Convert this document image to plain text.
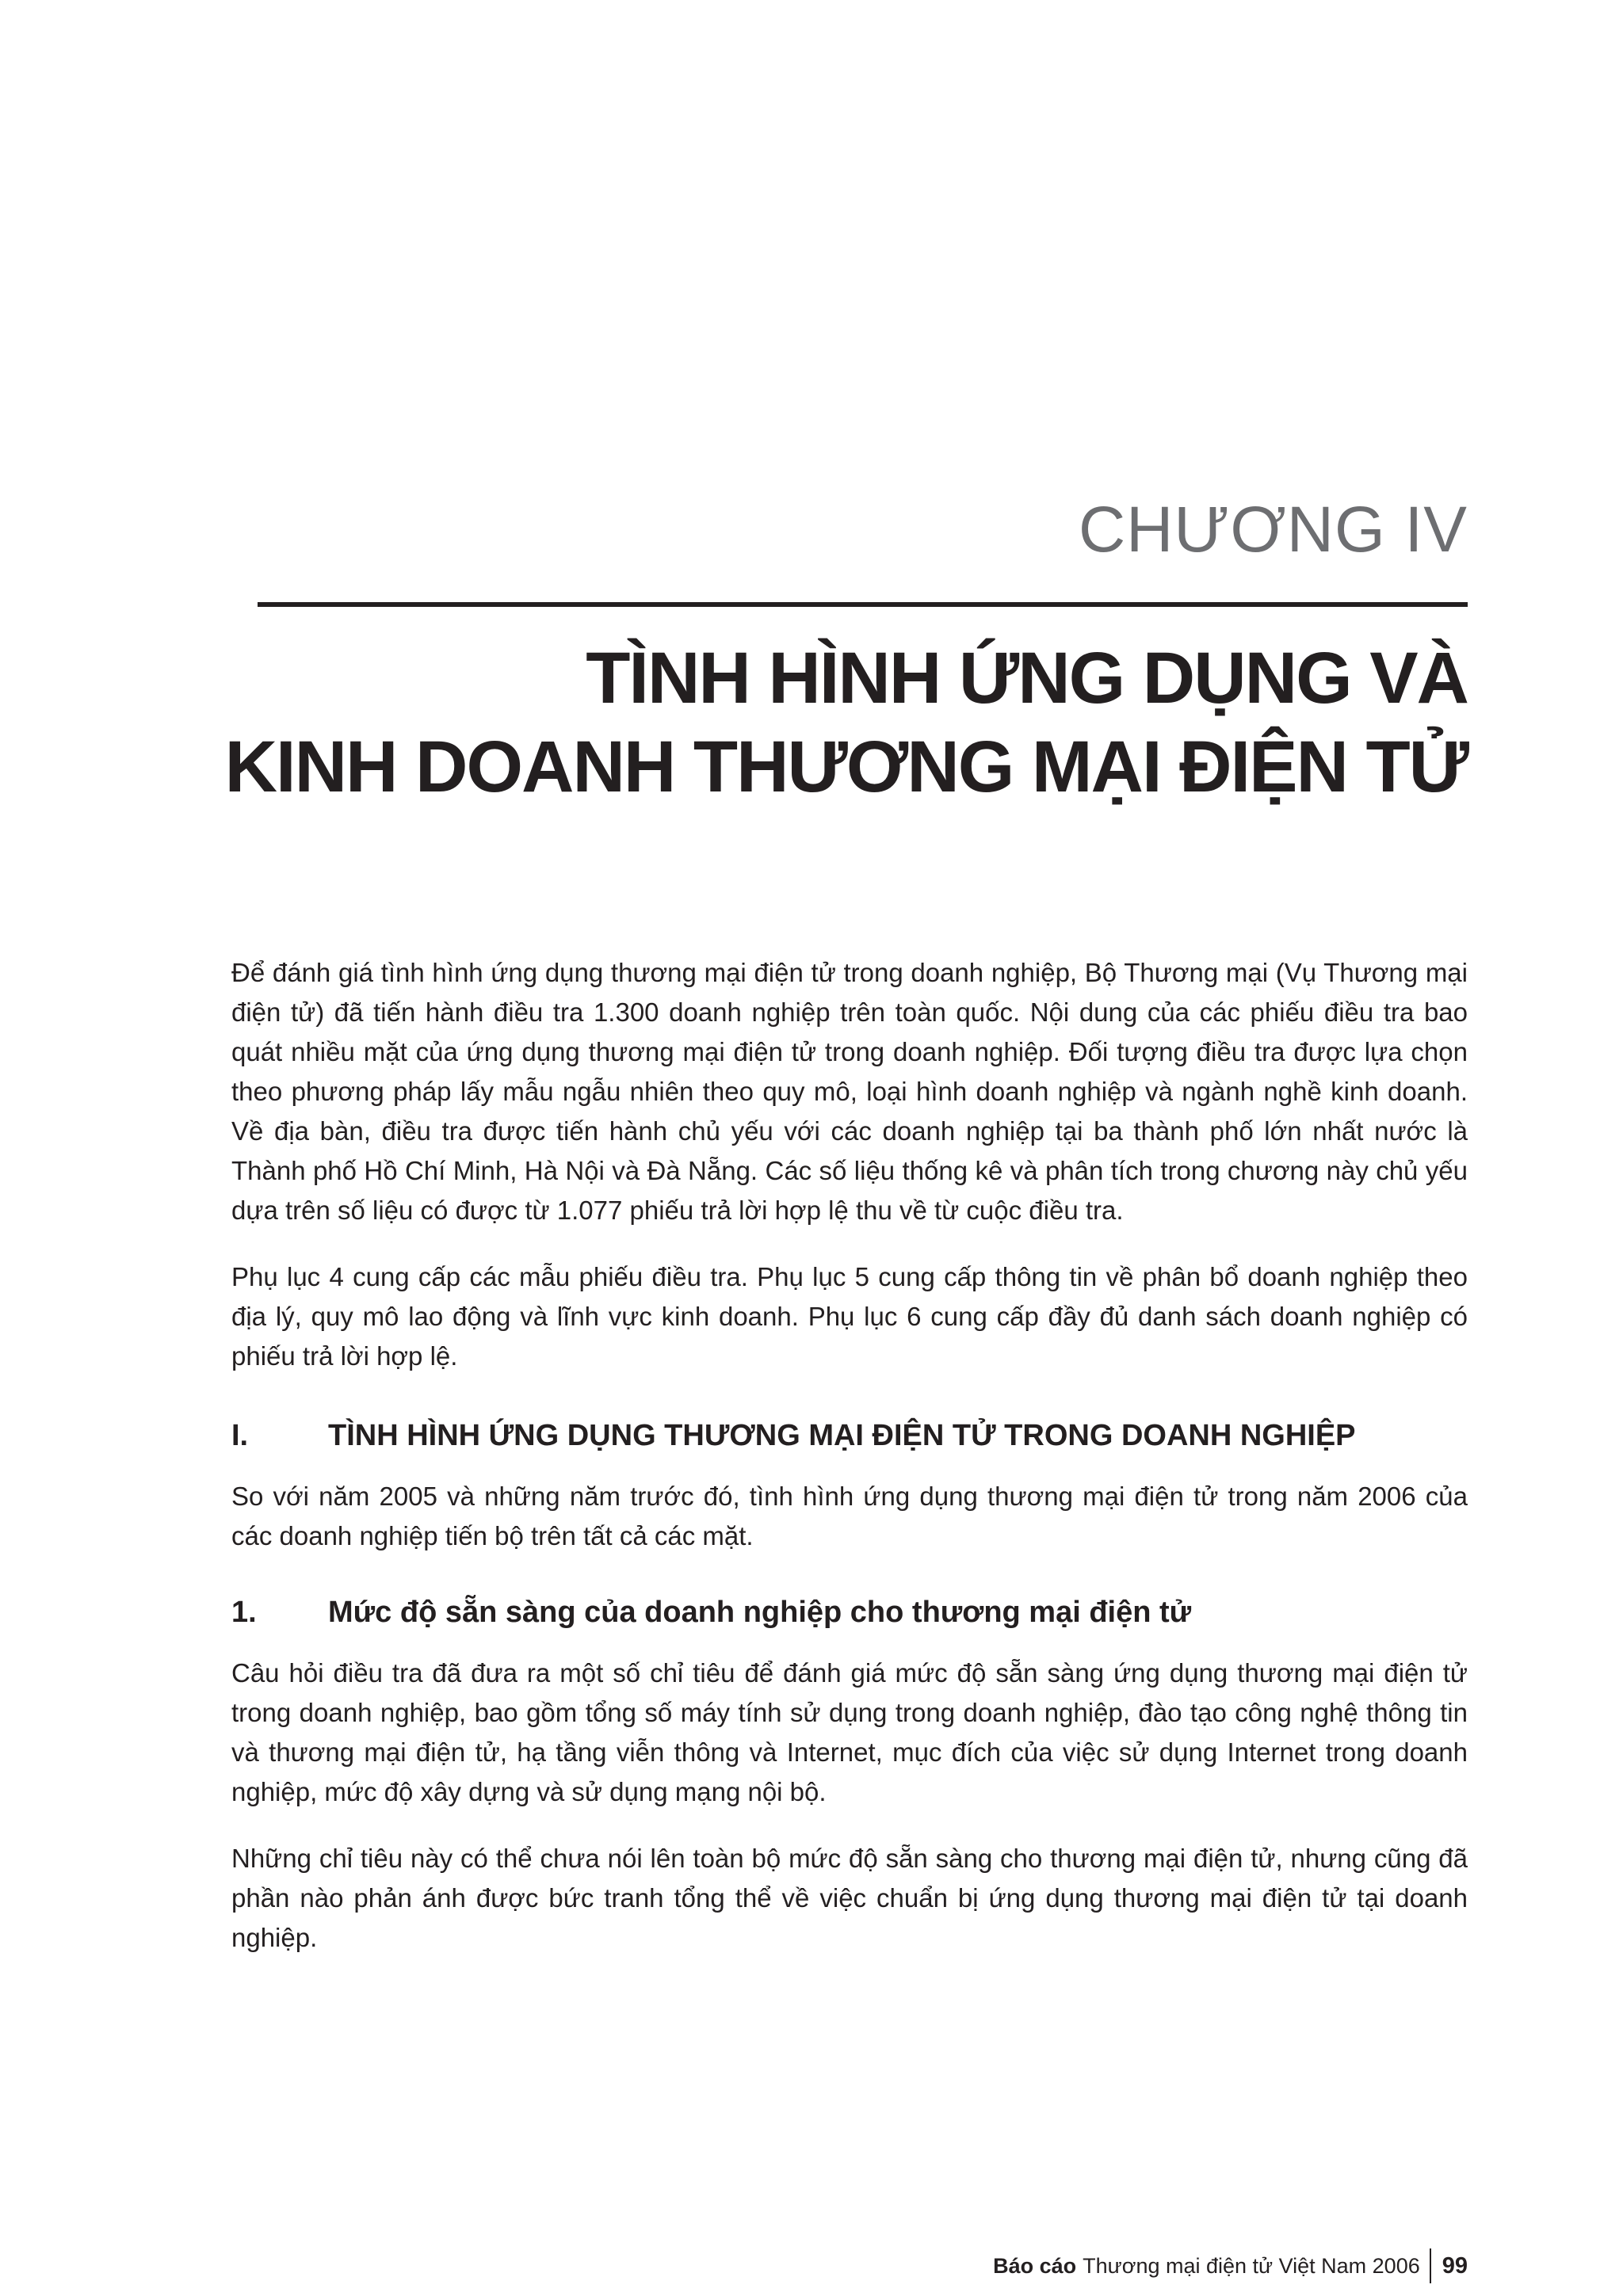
CHƯƠNG IV
TÌNH HÌNH ỨNG DỤNG VÀ
KINH DOANH THƯƠNG MẠI ĐIỆN TỬ

Để đánh giá tình hình ứng dụng thương mại điện tử trong doanh nghiệp, Bộ Thương mại (Vụ Thương mại điện tử) đã tiến hành điều tra 1.300 doanh nghiệp trên toàn quốc. Nội dung của các phiếu điều tra bao quát nhiều mặt của ứng dụng thương mại điện tử trong doanh nghiệp. Đối tượng điều tra được lựa chọn theo phương pháp lấy mẫu ngẫu nhiên theo quy mô, loại hình doanh nghiệp và ngành nghề kinh doanh. Về địa bàn, điều tra được tiến hành chủ yếu với các doanh nghiệp tại ba thành phố lớn nhất nước là Thành phố Hồ Chí Minh, Hà Nội và Đà Nẵng. Các số liệu thống kê và phân tích trong chương này chủ yếu dựa trên số liệu có được từ 1.077 phiếu trả lời hợp lệ thu về từ cuộc điều tra.

Phụ lục 4 cung cấp các mẫu phiếu điều tra. Phụ lục 5 cung cấp thông tin về phân bổ doanh nghiệp theo địa lý, quy mô lao động và lĩnh vực kinh doanh. Phụ lục 6 cung cấp đầy đủ danh sách doanh nghiệp có phiếu trả lời hợp lệ.

I.	TÌNH HÌNH ỨNG DỤNG THƯƠNG MẠI ĐIỆN TỬ TRONG DOANH NGHIỆP

So với năm 2005 và những năm trước đó, tình hình ứng dụng thương mại điện tử trong năm 2006 của các doanh nghiệp tiến bộ trên tất cả các mặt.

1.	Mức độ sẵn sàng của doanh nghiệp cho thương mại điện tử

Câu hỏi điều tra đã đưa ra một số chỉ tiêu để đánh giá mức độ sẵn sàng ứng dụng thương mại điện tử trong doanh nghiệp, bao gồm tổng số máy tính sử dụng trong doanh nghiệp, đào tạo công nghệ thông tin và thương mại điện tử, hạ tầng viễn thông và Internet, mục đích của việc sử dụng Internet trong doanh nghiệp, mức độ xây dựng và sử dụng mạng nội bộ.

Những chỉ tiêu này có thể chưa nói lên toàn bộ mức độ sẵn sàng cho thương mại điện tử, nhưng cũng đã phần nào phản ánh được bức tranh tổng thể về việc chuẩn bị ứng dụng thương mại điện tử tại doanh nghiệp.

Báo cáo Thương mại điện tử Việt Nam 2006 99
